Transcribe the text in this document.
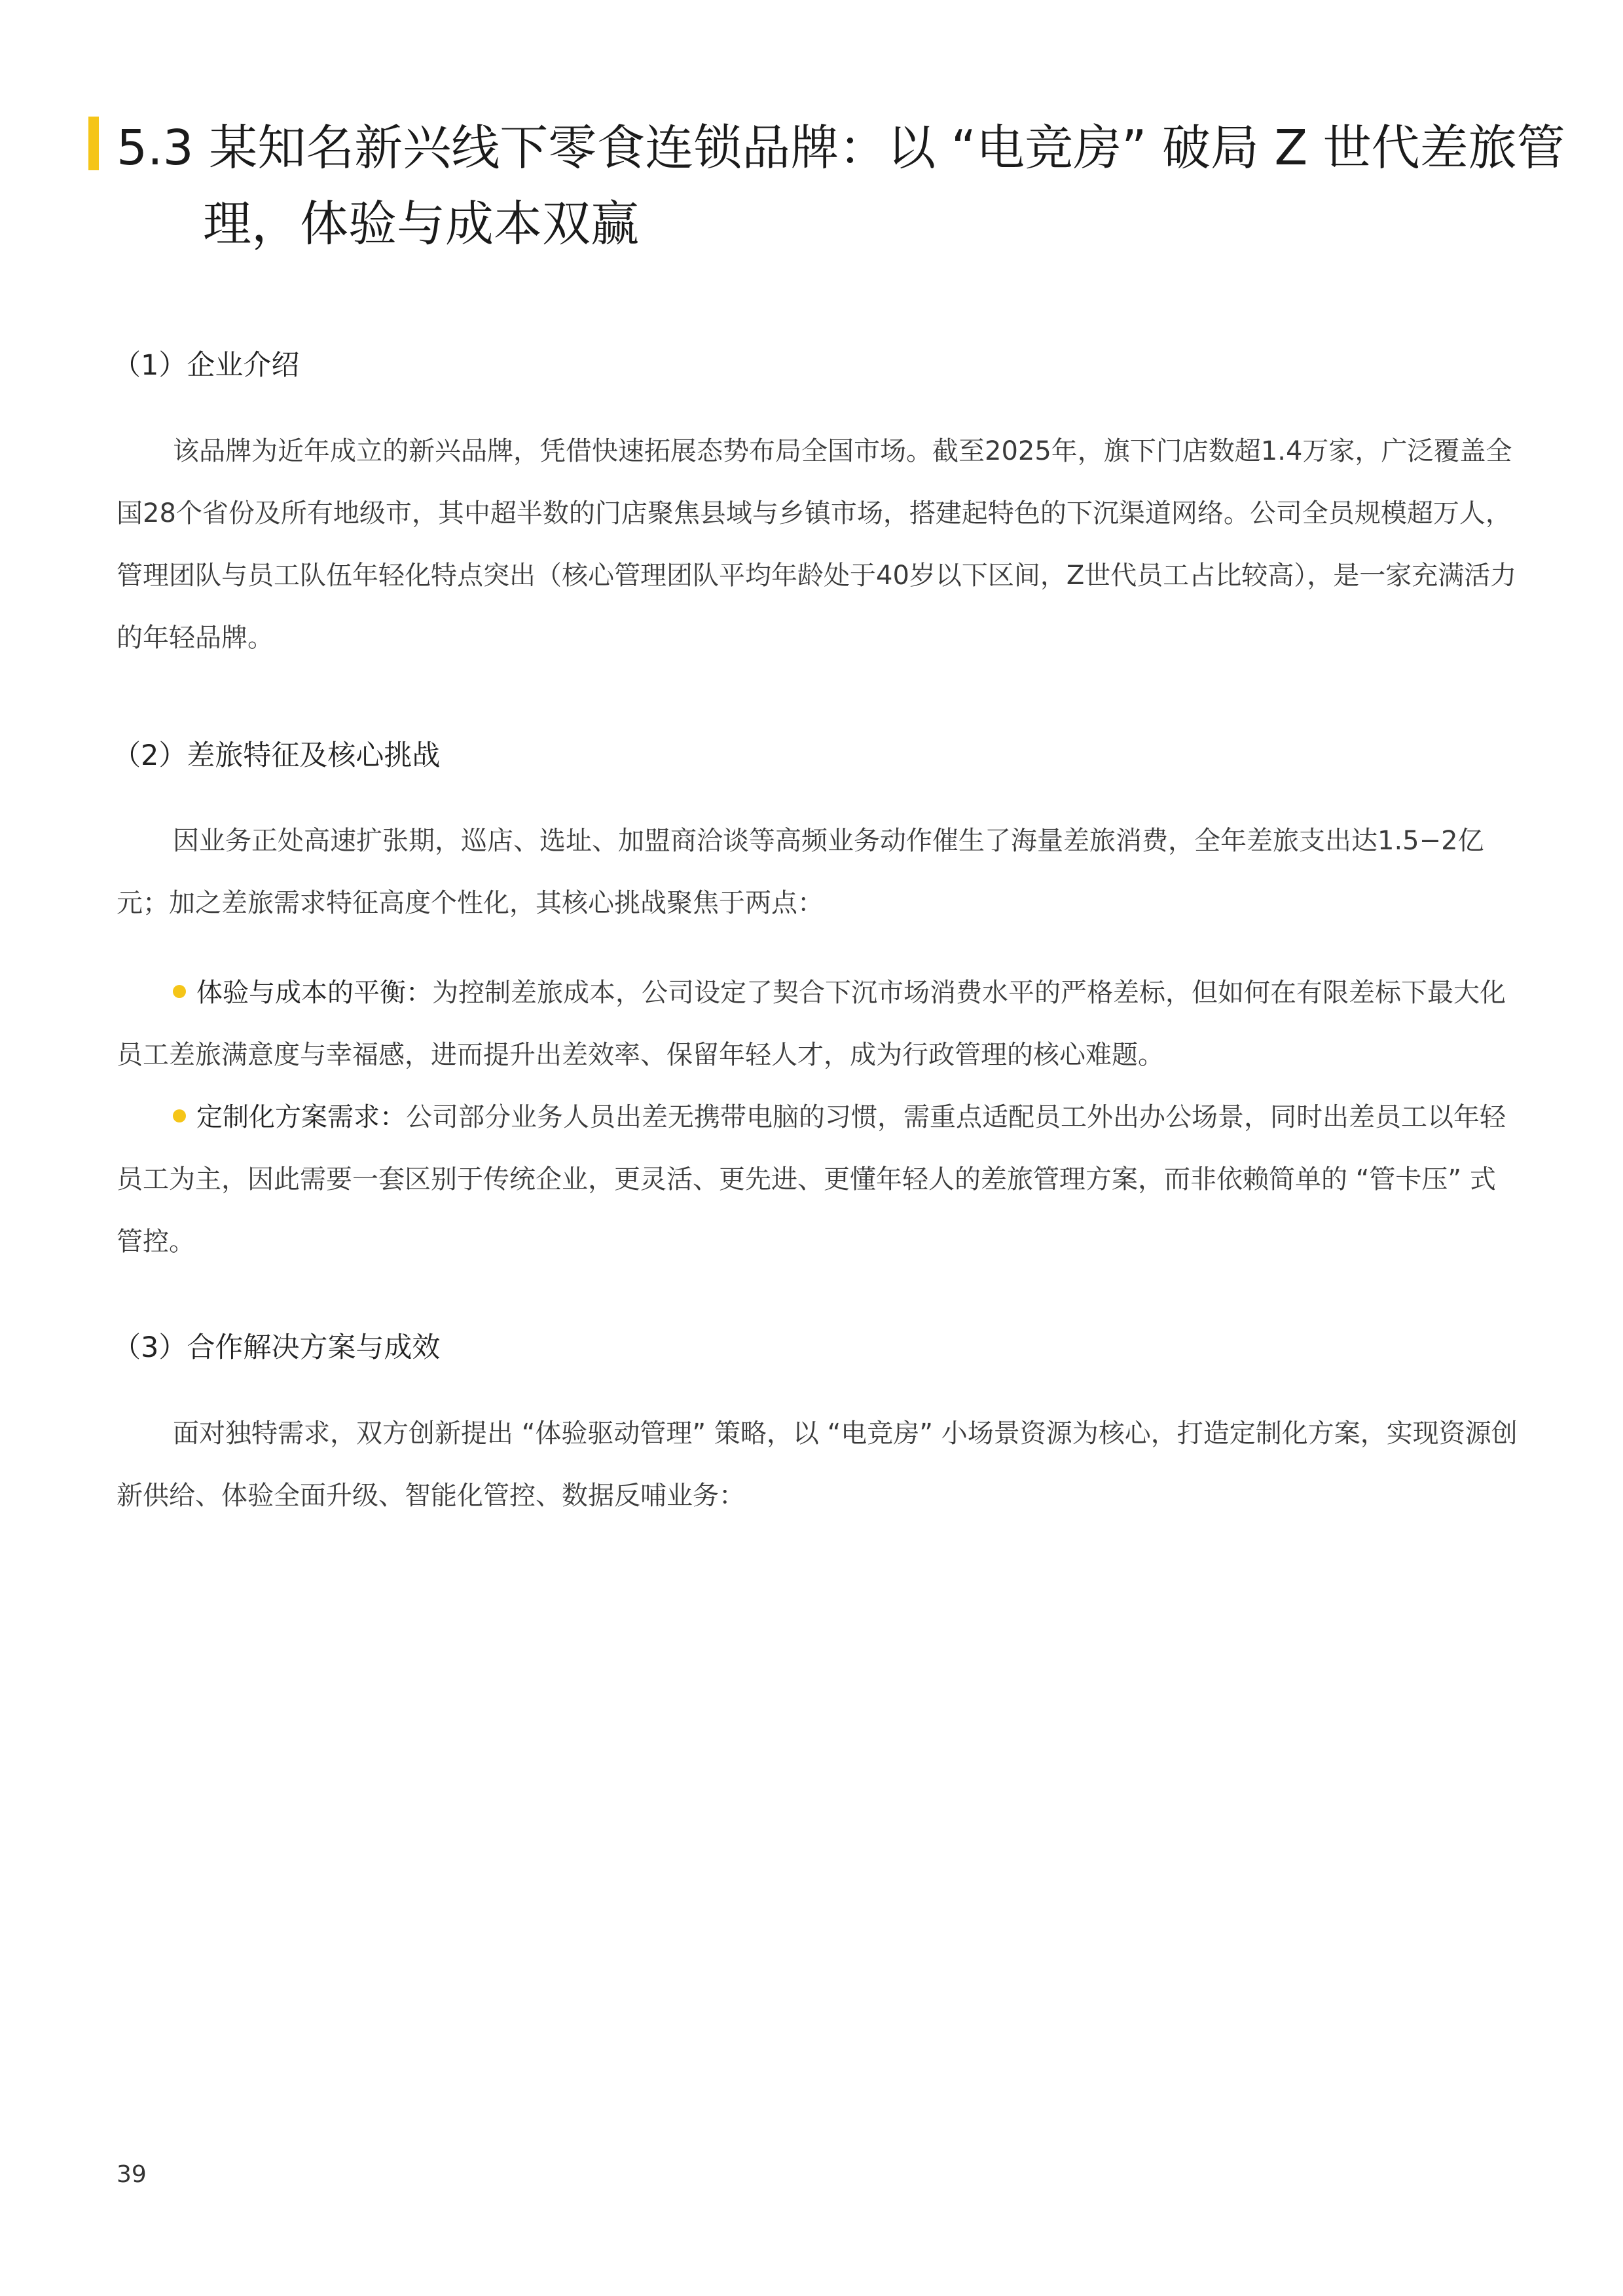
5.3 某知名新兴线下零食连锁品牌：以 “电竞房” 破局 Z 世代差旅管
理，体验与成本双赢
（1）企业介绍

该品牌为近年成立的新兴品牌，凭借快速拓展态势布局全国市场。截至2025年，旗下门店数超1.4万家，广泛覆盖全国28个省份及所有地级市，其中超半数的门店聚焦县域与乡镇市场，搭建起特色的下沉渠道网络。公司全员规模超万人，管理团队与员工队伍年轻化特点突出（核心管理团队平均年龄处于40岁以下区间，Z世代员工占比较高），是一家充满活力的年轻品牌。

（2）差旅特征及核心挑战

因业务正处高速扩张期，巡店、选址、加盟商洽谈等高频业务动作催生了海量差旅消费，全年差旅支出达1.5−2亿元；加之差旅需求特征高度个性化，其核心挑战聚焦于两点：

体验与成本的平衡：为控制差旅成本，公司设定了契合下沉市场消费水平的严格差标，但如何在有限差标下最大化员工差旅满意度与幸福感，进而提升出差效率、保留年轻人才，成为行政管理的核心难题。

定制化方案需求：公司部分业务人员出差无携带电脑的习惯，需重点适配员工外出办公场景，同时出差员工以年轻员工为主，因此需要一套区别于传统企业，更灵活、更先进、更懂年轻人的差旅管理方案，而非依赖简单的 “管卡压” 式管控。

（3）合作解决方案与成效

面对独特需求，双方创新提出 “体验驱动管理” 策略，以 “电竞房” 小场景资源为核心，打造定制化方案，实现资源创新供给、体验全面升级、智能化管控、数据反哺业务：

39
